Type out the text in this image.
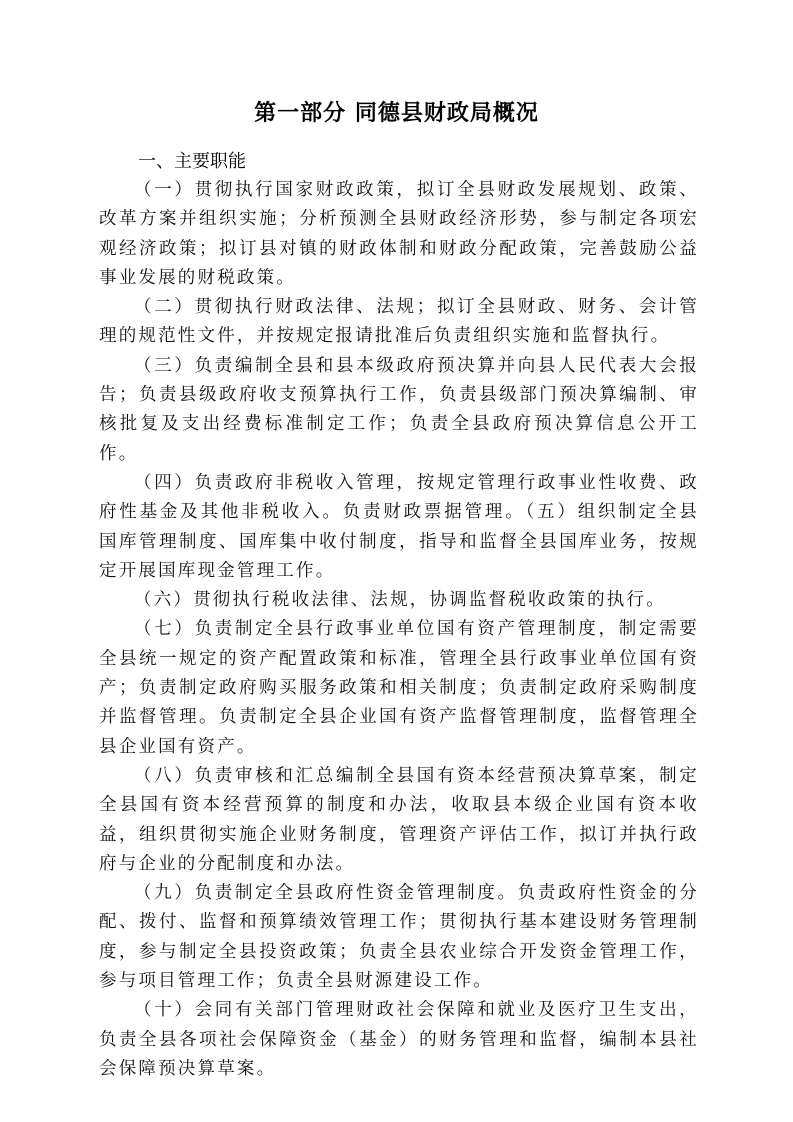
第一部分 同德县财政局概况
一、主要职能

（一）贯彻执行国家财政政策，拟订全县财政发展规划、政策、改革方案并组织实施；分析预测全县财政经济形势，参与制定各项宏观经济政策；拟订县对镇的财政体制和财政分配政策，完善鼓励公益事业发展的财税政策。

（二）贯彻执行财政法律、法规；拟订全县财政、财务、会计管理的规范性文件，并按规定报请批准后负责组织实施和监督执行。

（三）负责编制全县和县本级政府预决算并向县人民代表大会报告；负责县级政府收支预算执行工作，负责县级部门预决算编制、审核批复及支出经费标准制定工作；负责全县政府预决算信息公开工作。

（四）负责政府非税收入管理，按规定管理行政事业性收费、政府性基金及其他非税收入。负责财政票据管理。（五）组织制定全县国库管理制度、国库集中收付制度，指导和监督全县国库业务，按规定开展国库现金管理工作。

（六）贯彻执行税收法律、法规，协调监督税收政策的执行。

（七）负责制定全县行政事业单位国有资产管理制度，制定需要全县统一规定的资产配置政策和标准，管理全县行政事业单位国有资产；负责制定政府购买服务政策和相关制度；负责制定政府采购制度并监督管理。负责制定全县企业国有资产监督管理制度，监督管理全县企业国有资产。

（八）负责审核和汇总编制全县国有资本经营预决算草案，制定全县国有资本经营预算的制度和办法，收取县本级企业国有资本收益，组织贯彻实施企业财务制度，管理资产评估工作，拟订并执行政府与企业的分配制度和办法。

（九）负责制定全县政府性资金管理制度。负责政府性资金的分配、拨付、监督和预算绩效管理工作；贯彻执行基本建设财务管理制度，参与制定全县投资政策；负责全县农业综合开发资金管理工作，参与项目管理工作；负责全县财源建设工作。

（十）会同有关部门管理财政社会保障和就业及医疗卫生支出，负责全县各项社会保障资金（基金）的财务管理和监督，编制本县社会保障预决算草案。
